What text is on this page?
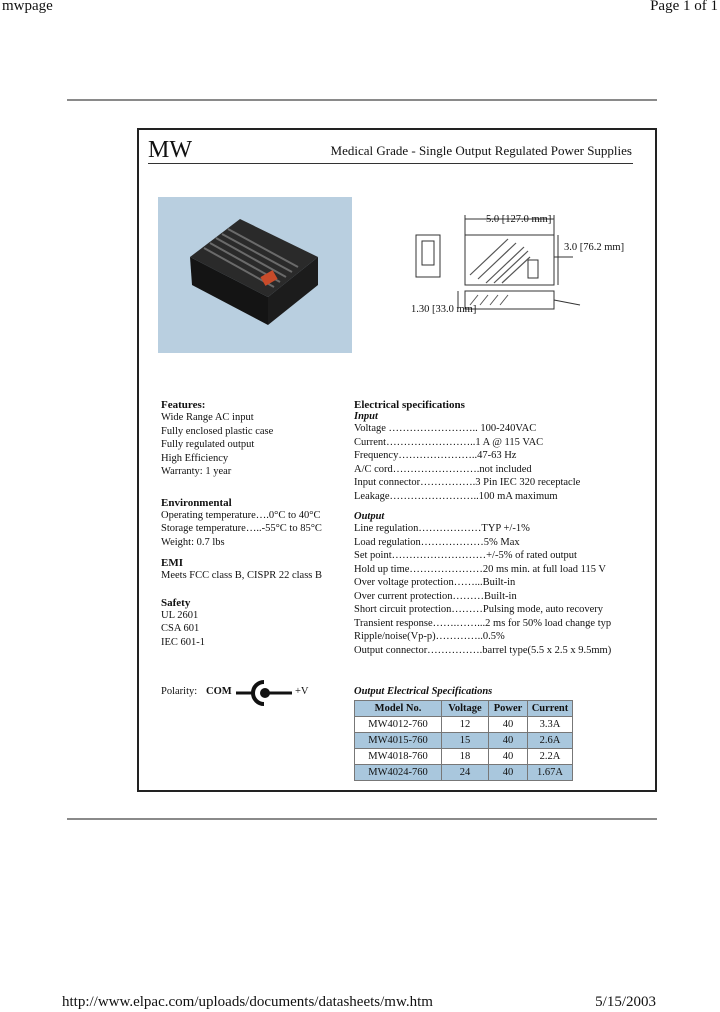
mwpage	Page 1 of 1
MW	Medical Grade - Single Output Regulated Power Supplies
5.0 [127.0 mm]
3.0 [76.2 mm]
1.30 [33.0 mm]
Features:
Wide Range AC input
Fully enclosed plastic case
Fully regulated output
High Efficiency
Warranty: 1 year
Environmental
Operating temperature….0°C to 40°C
Storage temperature…..-55°C to 85°C
Weight: 0.7 lbs
EMI
Meets FCC class B, CISPR 22 class B
Safety
UL 2601
CSA 601
IEC 601-1
Polarity: COM	+V
Electrical specifications
Input
Voltage …………………….. 100-240VAC
Current……………………..1 A @ 115 VAC
Frequency…………………..47-63 Hz
A/C cord…………………….not included
Input connector…………….3 Pin IEC 320 receptacle
Leakage……………………..100 mA maximum
Output
Line regulation………………TYP +/-1%
Load regulation………………5% Max
Set point………………………+/-5% of rated output
Hold up time…………………20 ms min. at full load 115 V
Over voltage protection……...Built-in
Over current protection………Built-in
Short circuit protection………Pulsing mode, auto recovery
Transient response…….……...2 ms for 50% load change typ
Ripple/noise(Vp-p)…………..0.5%
Output connector…………….barrel type(5.5 x 2.5 x 9.5mm)
Output Electrical Specifications
Model No.	Voltage	Power	Current
MW4012-760	12	40	3.3A
MW4015-760	15	40	2.6A
MW4018-760	18	40	2.2A
MW4024-760	24	40	1.67A
http://www.elpac.com/uploads/documents/datasheets/mw.htm	5/15/2003
